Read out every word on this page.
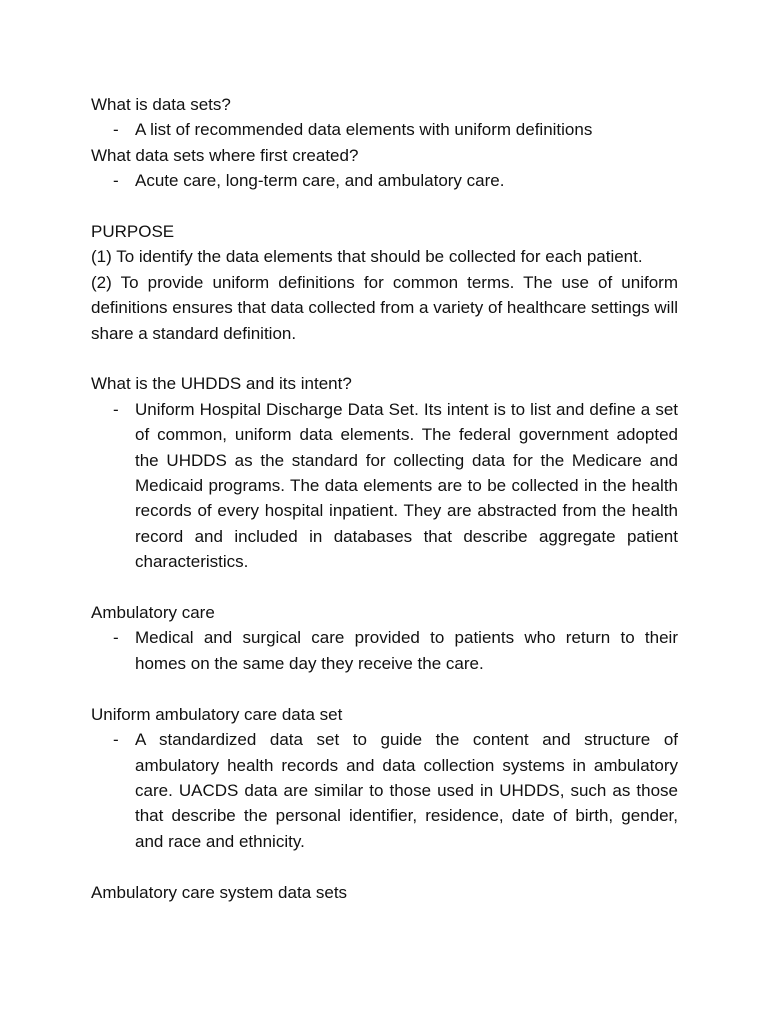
What is data sets?

- A list of recommended data elements with uniform definitions

What data sets where first created?

- Acute care, long-term care, and ambulatory care.

PURPOSE

(1) To identify the data elements that should be collected for each patient.

(2) To provide uniform definitions for common terms. The use of uniform definitions ensures that data collected from a variety of healthcare settings will share a standard definition.

What is the UHDDS and its intent?

- Uniform Hospital Discharge Data Set. Its intent is to list and define a set of common, uniform data elements. The federal government adopted the UHDDS as the standard for collecting data for the Medicare and Medicaid programs. The data elements are to be collected in the health records of every hospital inpatient. They are abstracted from the health record and included in databases that describe aggregate patient characteristics.

Ambulatory care

- Medical and surgical care provided to patients who return to their homes on the same day they receive the care.

Uniform ambulatory care data set

- A standardized data set to guide the content and structure of ambulatory health records and data collection systems in ambulatory care. UACDS data are similar to those used in UHDDS, such as those that describe the personal identifier, residence, date of birth, gender, and race and ethnicity.

Ambulatory care system data sets
